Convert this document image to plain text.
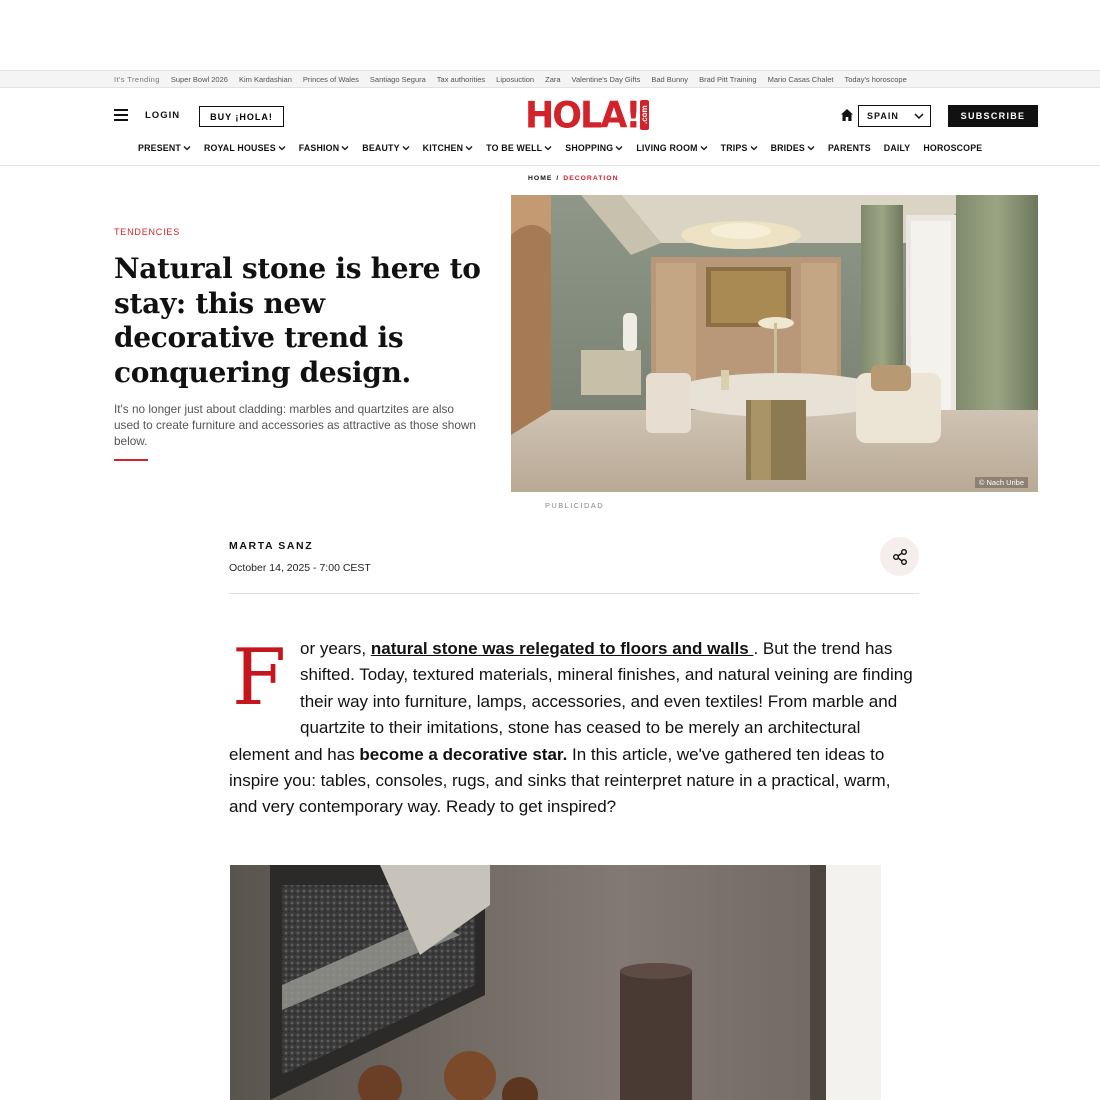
It's Trending Super Bowl 2026 Kim Kardashian Princes of Wales Santiago Segura Tax authorities Liposuction Zara Valentine's Day Gifts Bad Bunny Brad Pitt Training Mario Casas Chalet Today's horoscope
LOGIN	BUY ¡HOLA!	HOLA! .com	SPAIN	SUBSCRIBE
PRESENT	ROYAL HOUSES	FASHION	BEAUTY	KITCHEN	TO BE WELL	SHOPPING	LIVING ROOM	TRIPS	BRIDES	PARENTS DAILY HOROSCOPE
HOME / DECORATION
TENDENCIES
Natural stone is here to stay: this new decorative trend is conquering design.

It's no longer just about cladding: marbles and quartzites are also used to create furniture and accessories as attractive as those shown below.

© Nach Uribe
PUBLICIDAD
MARTA SANZ
October 14, 2025 - 7:00 CEST
For years, natural stone was relegated to floors and walls . But the trend has shifted. Today, textured materials, mineral finishes, and natural veining are finding their way into furniture, lamps, accessories, and even textiles! From marble and quartzite to their imitations, stone has ceased to be merely an architectural element and has become a decorative star. In this article, we've gathered ten ideas to inspire you: tables, consoles, rugs, and sinks that reinterpret nature in a practical, warm, and very contemporary way. Ready to get inspired?
